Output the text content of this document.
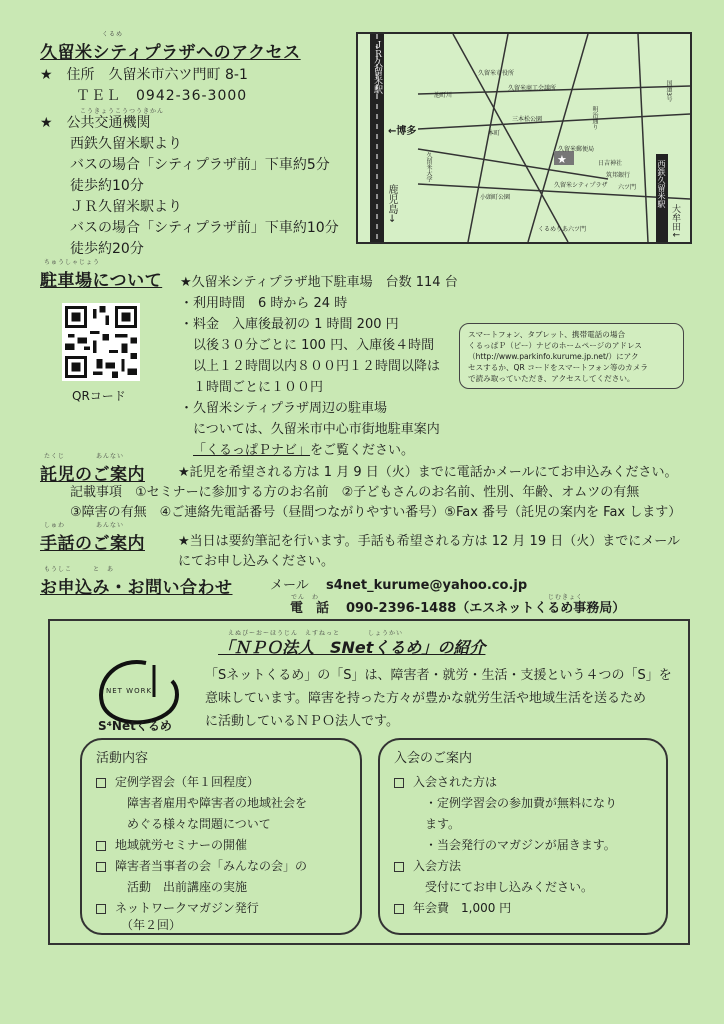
くるめ
久留米シティプラザへのアクセス
★　住所　久留米市六ツ門町 8-1
ＴＥＬ　0942-36-3000
こうきょうこうつうきかん
★　公共交通機関
西鉄久留米駅より
バスの場合「シティプラザ前」下車約5分
徒歩約10分
ＪＲ久留米駅より
バスの場合「シティプラザ前」下車約10分
徒歩約20分
★
ＪＲ久留米駅
←博多
鹿児島→	西鉄久留米駅
大牟田↓
久留米市役所
久留米商工会議所
池町川
明治通り
三本松公園
久留米郵便局
本町
日吉神社
筑邦銀行
小頭町公園
くるめりあ六ツ門
久留米大学
久留米シティプラザ 六ツ門
国道3号
ちゅうしゃじょう
駐車場について
QRコード
★久留米シティプラザ地下駐車場　台数 114 台
・利用時間　6 時から 24 時
・料金　入庫後最初の 1 時間 200 円
　以後３０分ごとに 100 円、入庫後４時間
　以上１２時間以内８００円１２時間以降は
　１時間ごとに１００円
・久留米シティプラザ周辺の駐車場
　については、久留米市中心市街地駐車案内
「くるっぱＰナビ」をご覧ください。
スマートフォン、タブレット、携帯電話の場合
くるっぱＰ（ピー）ナビのホームページのアドレス
（http://www.parkinfo.kurume.jp.net/）にアク
セスするか、QR コードをスマートフォン等のカメラ
で読み取っていただき、アクセスしてください。
たくじ	あんない
託児のご案内	★託児を希望される方は 1 月 9 日（火）までに電話かメールにてお申込みください。
記載事項　①セミナーに参加する方のお名前　②子どもさんのお名前、性別、年齢、オムツの有無
③障害の有無　④ご連絡先電話番号（昼間つながりやすい番号）⑤Fax 番号（託児の案内を Fax します）
しゅわ	あんない
手話のご案内	★当日は要約筆記を行います。手話も希望される方は 12 月 19 日（火）までにメール
にてお申し込みください。
もうしこ　　　と　あ
お申込み・お問い合わせ	メール s4net_kurume@yahoo.co.jp
でん　わ
電　話
じむきょく
090-2396-1488（エスネットくるめ事務局）
えぬぴーおーほうじん　えすねっと　　　　しょうかい
「ＮＰＯ法人　SNetくるめ」の紹介
NET WORK
S⁴Netくるめ
「Sネットくるめ」の「S」は、障害者・就労・生活・支援という４つの「S」を
意味しています。障害を持った方々が豊かな就労生活や地域生活を送るため
に活動しているＮＰＯ法人です。
活動内容
定例学習会（年１回程度）
　障害者雇用や障害者の地域社会を
　めぐる様々な問題について
地域就労セミナーの開催
障害者当事者の会「みんなの会」の
　活動　出前講座の実施
ネットワークマガジン発行
　（年２回）
入会のご案内
入会された方は
　・定例学習会の参加費が無料になり
　ます。
　・当会発行のマガジンが届きます。
入会方法
　受付にてお申し込みください。
年会費　1,000 円
